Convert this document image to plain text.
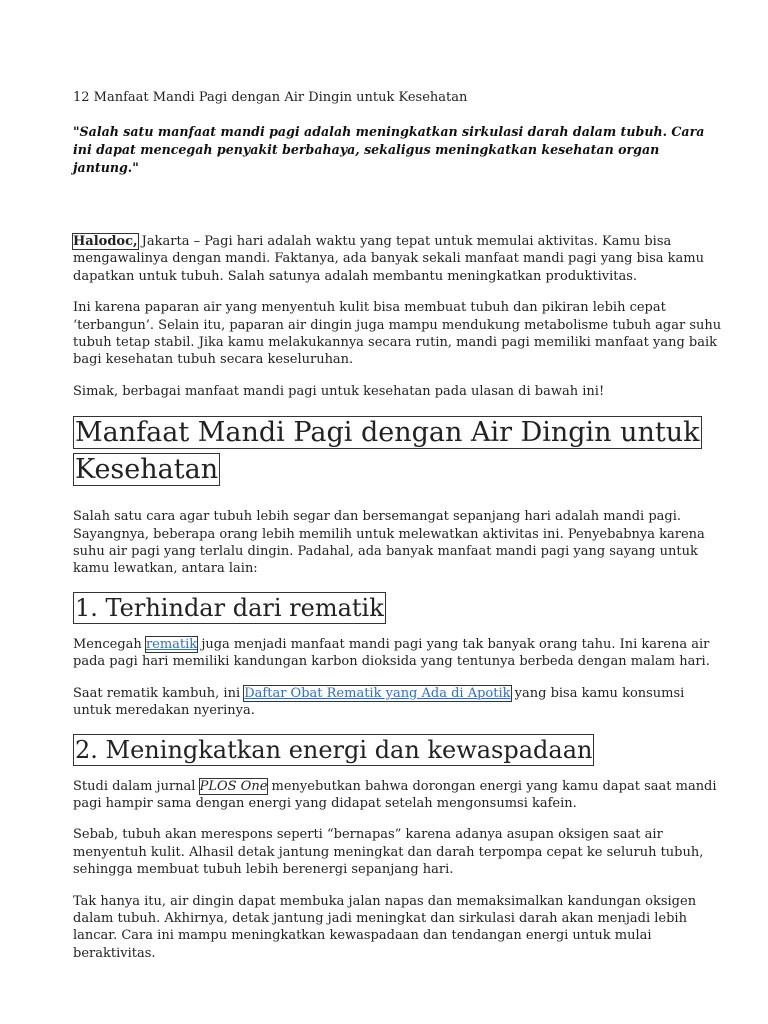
12 Manfaat Mandi Pagi dengan Air Dingin untuk Kesehatan
"Salah satu manfaat mandi pagi adalah meningkatkan sirkulasi darah dalam tubuh. Cara ini dapat mencegah penyakit berbahaya, sekaligus meningkatkan kesehatan organ jantung."

Halodoc, Jakarta – Pagi hari adalah waktu yang tepat untuk memulai aktivitas. Kamu bisa mengawalinya dengan mandi. Faktanya, ada banyak sekali manfaat mandi pagi yang bisa kamu dapatkan untuk tubuh. Salah satunya adalah membantu meningkatkan produktivitas.

Ini karena paparan air yang menyentuh kulit bisa membuat tubuh dan pikiran lebih cepat ‘terbangun’. Selain itu, paparan air dingin juga mampu mendukung metabolisme tubuh agar suhu tubuh tetap stabil. Jika kamu melakukannya secara rutin, mandi pagi memiliki manfaat yang baik bagi kesehatan tubuh secara keseluruhan.

Simak, berbagai manfaat mandi pagi untuk kesehatan pada ulasan di bawah ini!

Manfaat Mandi Pagi dengan Air Dingin untuk Kesehatan

Salah satu cara agar tubuh lebih segar dan bersemangat sepanjang hari adalah mandi pagi. Sayangnya, beberapa orang lebih memilih untuk melewatkan aktivitas ini. Penyebabnya karena suhu air pagi yang terlalu dingin. Padahal, ada banyak manfaat mandi pagi yang sayang untuk kamu lewatkan, antara lain:

1. Terhindar dari rematik

Mencegah rematik juga menjadi manfaat mandi pagi yang tak banyak orang tahu. Ini karena air pada pagi hari memiliki kandungan karbon dioksida yang tentunya berbeda dengan malam hari.

Saat rematik kambuh, ini Daftar Obat Rematik yang Ada di Apotik yang bisa kamu konsumsi untuk meredakan nyerinya.

2. Meningkatkan energi dan kewaspadaan

Studi dalam jurnal PLOS One menyebutkan bahwa dorongan energi yang kamu dapat saat mandi pagi hampir sama dengan energi yang didapat setelah mengonsumsi kafein.

Sebab, tubuh akan merespons seperti “bernapas” karena adanya asupan oksigen saat air menyentuh kulit. Alhasil detak jantung meningkat dan darah terpompa cepat ke seluruh tubuh, sehingga membuat tubuh lebih berenergi sepanjang hari.

Tak hanya itu, air dingin dapat membuka jalan napas dan memaksimalkan kandungan oksigen dalam tubuh. Akhirnya, detak jantung jadi meningkat dan sirkulasi darah akan menjadi lebih lancar. Cara ini mampu meningkatkan kewaspadaan dan tendangan energi untuk mulai beraktivitas.
